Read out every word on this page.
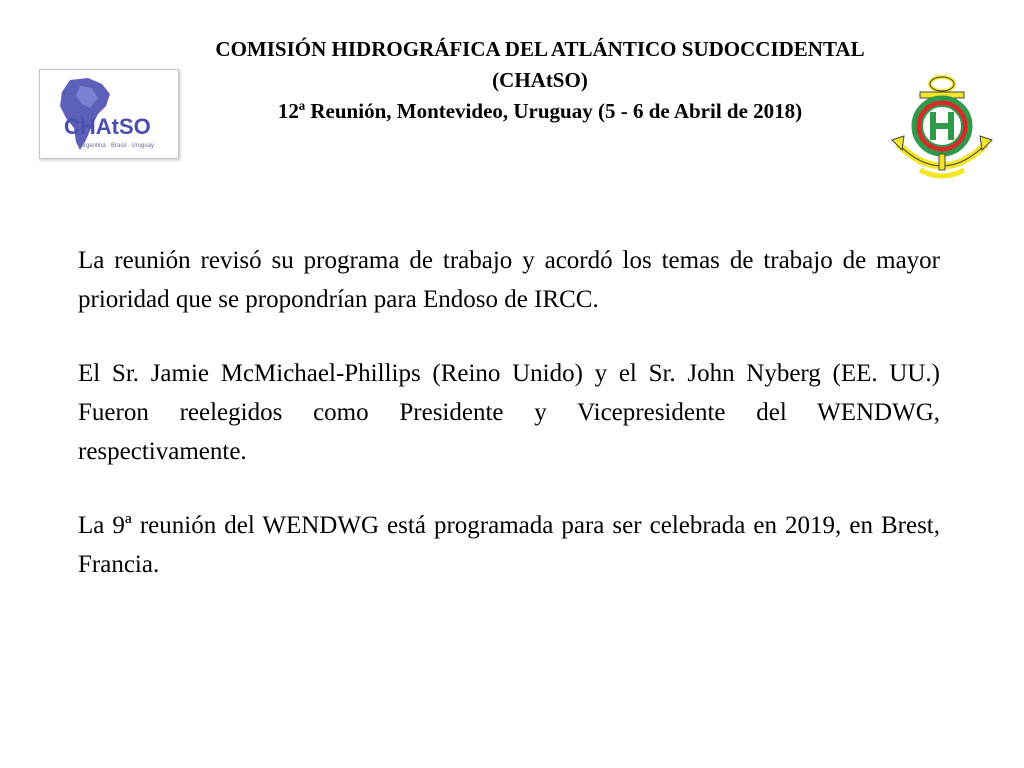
COMISIÓN HIDROGRÁFICA DEL ATLÁNTICO SUDOCCIDENTAL
(CHAtSO)
12ª Reunión, Montevideo, Uruguay (5 - 6 de Abril de 2018)
CHAtSO
Argentina · Brasil · Uruguay

La reunión revisó su programa de trabajo y acordó los temas de trabajo de mayor prioridad que se propondrían para Endoso de IRCC.

El Sr. Jamie McMichael-Phillips (Reino Unido) y el Sr. John Nyberg (EE. UU.) Fueron reelegidos como Presidente y Vicepresidente del WENDWG, respectivamente.

La 9ª reunión del WENDWG está programada para ser celebrada en 2019, en Brest, Francia.
